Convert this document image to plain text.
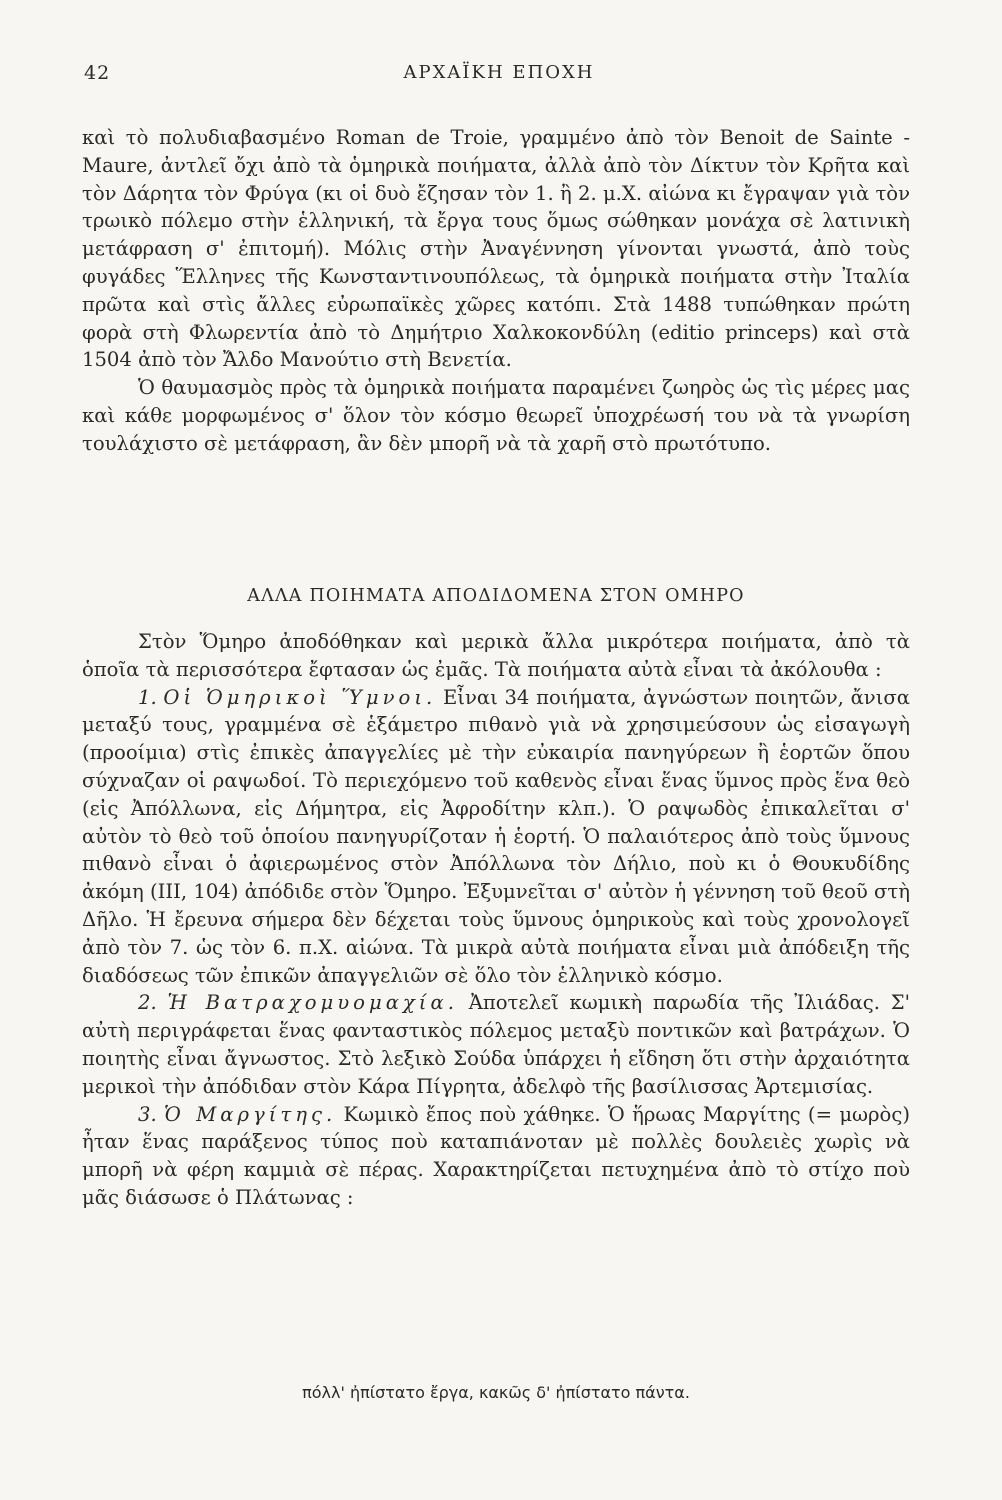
42	ΑΡΧΑΪΚΗ ΕΠΟΧΗ

καὶ τὸ πολυδιαβασμένο Roman de Troie, γραμμένο ἀπὸ τὸν Benoit de Sainte - Maure, ἀντλεῖ ὄχι ἀπὸ τὰ ὁμηρικὰ ποιήματα, ἀλλὰ ἀπὸ τὸν Δίκτυν τὸν Κρῆτα καὶ τὸν Δάρητα τὸν Φρύγα (κι οἱ δυὸ ἔζησαν τὸν 1. ἢ 2. μ.Χ. αἰώνα κι ἔγραψαν γιὰ τὸν τρωικὸ πόλεμο στὴν ἑλληνική, τὰ ἔργα τους ὅμως σώθηκαν μονάχα σὲ λατινικὴ μετάφραση σ' ἐπιτομή). Μόλις στὴν Ἀναγέννηση γίνονται γνωστά, ἀπὸ τοὺς φυγάδες Ἕλληνες τῆς Κωνσταντινουπόλεως, τὰ ὁμηρικὰ ποιήματα στὴν Ἰταλία πρῶτα καὶ στὶς ἄλλες εὐρωπαϊκὲς χῶρες κατόπι. Στὰ 1488 τυπώθηκαν πρώτη φορὰ στὴ Φλωρεντία ἀπὸ τὸ Δημήτριο Χαλκοκονδύλη (editio princeps) καὶ στὰ 1504 ἀπὸ τὸν Ἄλδο Μανούτιο στὴ Βενετία.

Ὁ θαυμασμὸς πρὸς τὰ ὁμηρικὰ ποιήματα παραμένει ζωηρὸς ὡς τὶς μέρες μας καὶ κάθε μορφωμένος σ' ὅλον τὸν κόσμο θεωρεῖ ὑποχρέωσή του νὰ τὰ γνωρίση τουλάχιστο σὲ μετάφραση, ἂν δὲν μπορῆ νὰ τὰ χαρῆ στὸ πρωτότυπο.

ΑΛΛΑ ΠΟΙΗΜΑΤΑ ΑΠΟΔΙΔΟΜΕΝΑ ΣΤΟΝ ΟΜΗΡΟ

Στὸν Ὅμηρο ἀποδόθηκαν καὶ μερικὰ ἄλλα μικρότερα ποιήματα, ἀπὸ τὰ ὁποῖα τὰ περισσότερα ἔφτασαν ὡς ἐμᾶς. Τὰ ποιήματα αὐτὰ εἶναι τὰ ἀκόλουθα :

1. Οἱ Ὁμηρικοὶ Ὕμνοι. Εἶναι 34 ποιήματα, ἀγνώστων ποιητῶν, ἄνισα μεταξύ τους, γραμμένα σὲ ἑξάμετρο πιθανὸ γιὰ νὰ χρησιμεύσουν ὡς εἰσαγωγὴ (προοίμια) στὶς ἐπικὲς ἀπαγγελίες μὲ τὴν εὐκαιρία πανηγύρεων ἢ ἑορτῶν ὅπου σύχναζαν οἱ ραψωδοί. Τὸ περιεχόμενο τοῦ καθενὸς εἶναι ἕνας ὕμνος πρὸς ἕνα θεὸ (εἰς Ἀπόλλωνα, εἰς Δήμητρα, εἰς Ἀφροδίτην κλπ.). Ὁ ραψωδὸς ἐπικαλεῖται σ' αὐτὸν τὸ θεὸ τοῦ ὁποίου πανηγυρίζοταν ἡ ἑορτή. Ὁ παλαιότερος ἀπὸ τοὺς ὕμνους πιθανὸ εἶναι ὁ ἀφιερωμένος στὸν Ἀπόλλωνα τὸν Δήλιο, ποὺ κι ὁ Θουκυδίδης ἀκόμη (III, 104) ἀπόδιδε στὸν Ὅμηρο. Ἐξυμνεῖται σ' αὐτὸν ἡ γέννηση τοῦ θεοῦ στὴ Δῆλο. Ἡ ἔρευνα σήμερα δὲν δέχεται τοὺς ὕμνους ὁμηρικοὺς καὶ τοὺς χρονολογεῖ ἀπὸ τὸν 7. ὡς τὸν 6. π.Χ. αἰώνα. Τὰ μικρὰ αὐτὰ ποιήματα εἶναι μιὰ ἀπόδειξη τῆς διαδόσεως τῶν ἐπικῶν ἀπαγγελιῶν σὲ ὅλο τὸν ἑλληνικὸ κόσμο.

2. Ἡ Βατραχομυομαχία. Ἀποτελεῖ κωμικὴ παρωδία τῆς Ἰλιάδας. Σ' αὐτὴ περιγράφεται ἕνας φανταστικὸς πόλεμος μεταξὺ ποντικῶν καὶ βατράχων. Ὁ ποιητὴς εἶναι ἄγνωστος. Στὸ λεξικὸ Σούδα ὑπάρχει ἡ εἴδηση ὅτι στὴν ἀρχαιότητα μερικοὶ τὴν ἀπόδιδαν στὸν Κάρα Πίγρητα, ἀδελφὸ τῆς βασίλισσας Ἀρτεμισίας.

3. Ὁ Μαργίτης. Κωμικὸ ἔπος ποὺ χάθηκε. Ὁ ἥρωας Μαργίτης (= μωρὸς) ἦταν ἕνας παράξενος τύπος ποὺ καταπιάνοταν μὲ πολλὲς δουλειὲς χωρὶς νὰ μπορῆ νὰ φέρη καμμιὰ σὲ πέρας. Χαρακτηρίζεται πετυχημένα ἀπὸ τὸ στίχο ποὺ μᾶς διάσωσε ὁ Πλάτωνας :

πόλλ' ἠπίστατο ἔργα, κακῶς δ' ἠπίστατο πάντα.
